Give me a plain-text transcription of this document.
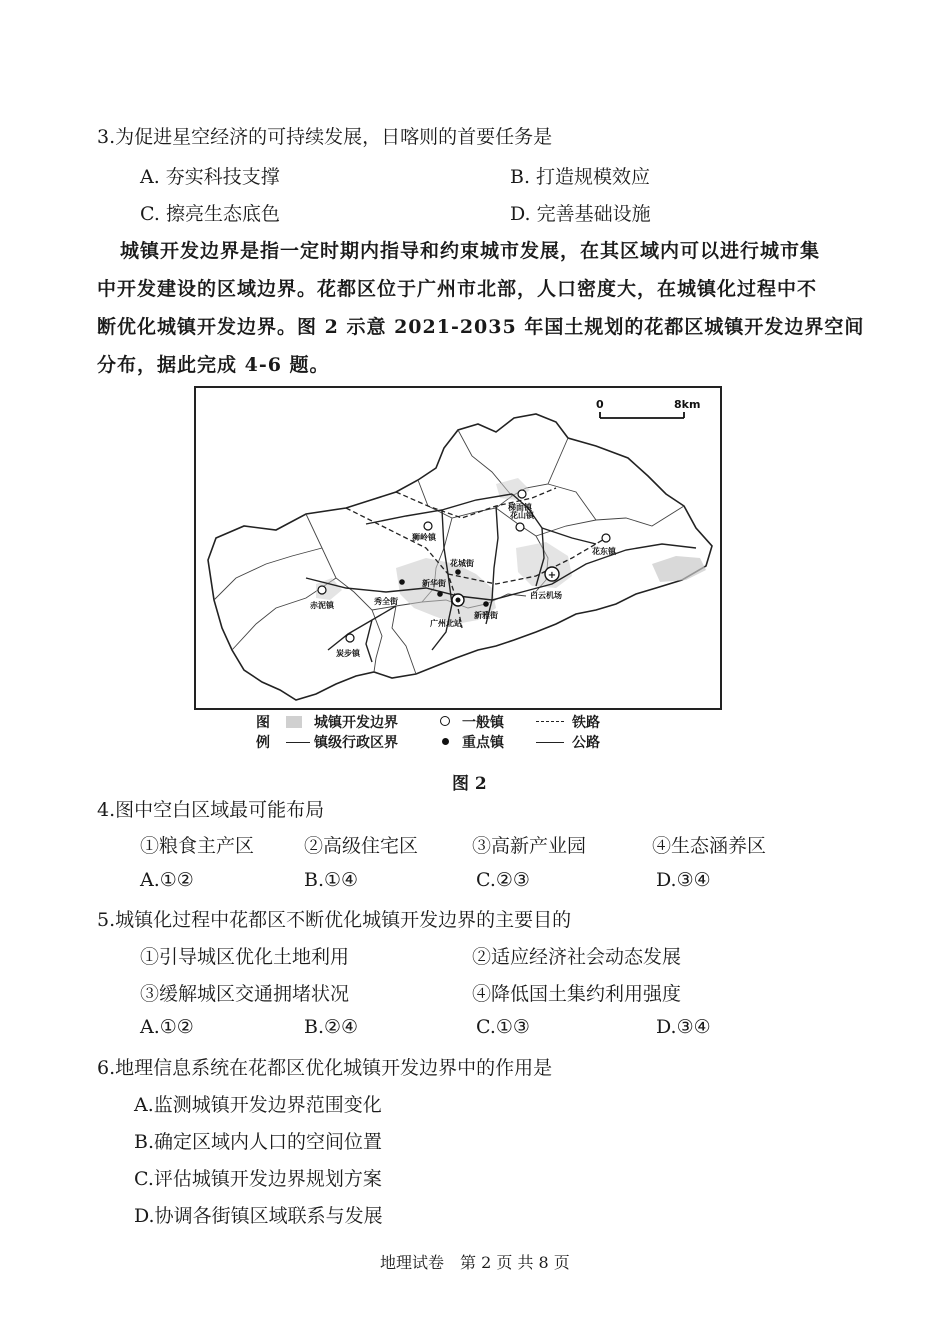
3.为促进星空经济的可持续发展，日喀则的首要任务是
A. 夯实科技支撑	B. 打造规模效应
C. 擦亮生态底色	D. 完善基础设施
城镇开发边界是指一定时期内指导和约束城市发展，在其区域内可以进行城市集
中开发建设的区域边界。花都区位于广州市北部，人口密度大，在城镇化过程中不
断优化城镇开发边界。图 2 示意 2021-2035 年国土规划的花都区城镇开发边界空间
分布，据此完成 4-6 题。
+
0	8km
梯面镇
狮岭镇
花山镇
花东镇
花城街
新华街
秀全街
赤泥镇
白云机场
新雅街
广州北站
炭步镇
图
例
城镇开发边界
镇级行政区界
一般镇
重点镇
铁路
公路
图 2
4.图中空白区域最可能布局
①粮食主产区	②高级住宅区	③高新产业园	④生态涵养区
A.①②	B.①④	C.②③	D.③④
5.城镇化过程中花都区不断优化城镇开发边界的主要目的
①引导城区优化土地利用	②适应经济社会动态发展
③缓解城区交通拥堵状况	④降低国土集约利用强度
A.①②	B.②④	C.①③	D.③④
6.地理信息系统在花都区优化城镇开发边界中的作用是
A.监测城镇开发边界范围变化
B.确定区域内人口的空间位置
C.评估城镇开发边界规划方案
D.协调各街镇区域联系与发展
地理试卷　第 2 页 共 8 页
